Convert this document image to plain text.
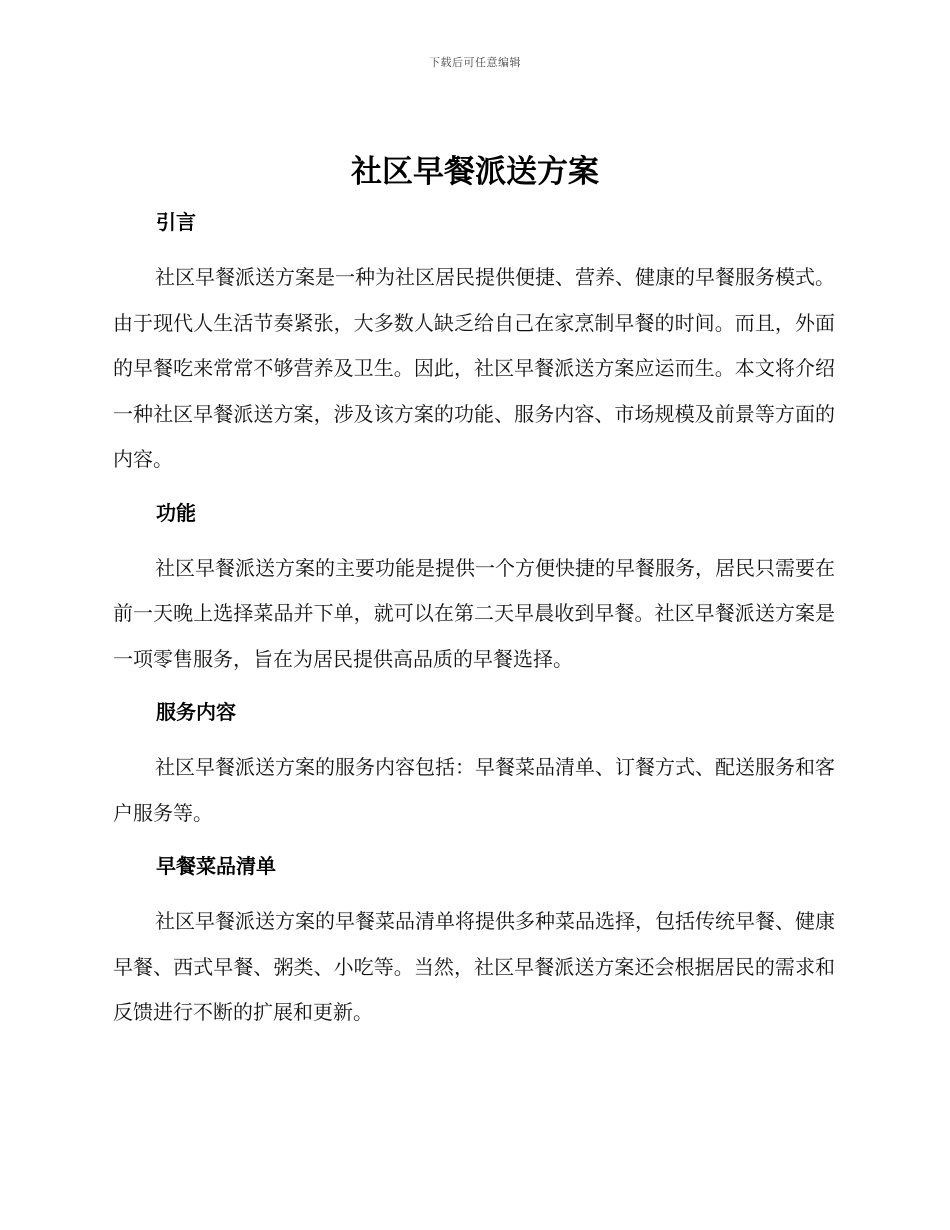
下载后可任意编辑
社区早餐派送方案
引言

社区早餐派送方案是一种为社区居民提供便捷、营养、健康的早餐服务模式。由于现代人生活节奏紧张，大多数人缺乏给自己在家烹制早餐的时间。而且，外面的早餐吃来常常不够营养及卫生。因此，社区早餐派送方案应运而生。本文将介绍一种社区早餐派送方案，涉及该方案的功能、服务内容、市场规模及前景等方面的内容。

功能

社区早餐派送方案的主要功能是提供一个方便快捷的早餐服务，居民只需要在前一天晚上选择菜品并下单，就可以在第二天早晨收到早餐。社区早餐派送方案是一项零售服务，旨在为居民提供高品质的早餐选择。

服务内容

社区早餐派送方案的服务内容包括：早餐菜品清单、订餐方式、配送服务和客户服务等。

早餐菜品清单

社区早餐派送方案的早餐菜品清单将提供多种菜品选择，包括传统早餐、健康早餐、西式早餐、粥类、小吃等。当然，社区早餐派送方案还会根据居民的需求和反馈进行不断的扩展和更新。
